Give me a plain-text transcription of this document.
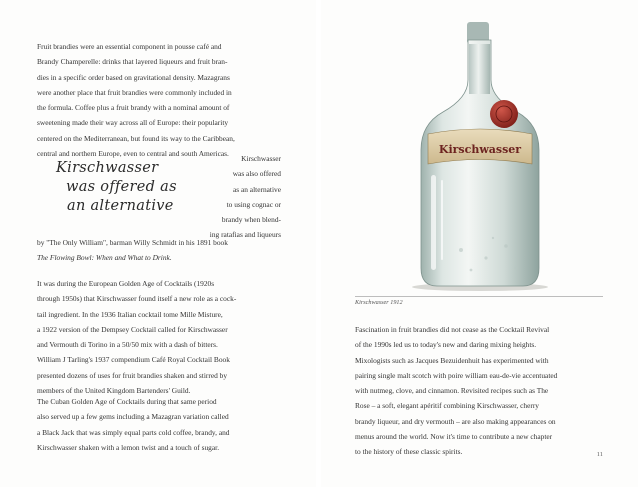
Fruit brandies were an essential component in pousse café and
Brandy Champerelle: drinks that layered liqueurs and fruit bran-
dies in a specific order based on gravitational density. Mazagrans
were another place that fruit brandies were commonly included in
the formula. Coffee plus a fruit brandy with a nominal amount of
sweetening made their way across all of Europe: their popularity
centered on the Mediterranean, but found its way to the Caribbean,
central and northern Europe, even to central and south Americas.

Kirschwasser
was offered as
an alternative
Kirschwasser
was also offered
as an alternative
to using cognac or
brandy when blend-
ing ratafias and liqueurs

by "The Only William", barman Willy Schmidt in his 1891 book
The Flowing Bowl: When and What to Drink.

It was during the European Golden Age of Cocktails (1920s
through 1950s) that Kirschwasser found itself a new role as a cock-
tail ingredient. In the 1936 Italian cocktail tome Mille Misture,
a 1922 version of the Dempsey Cocktail called for Kirschwasser
and Vermouth di Torino in a 50/50 mix with a dash of bitters.
William J Tarling's 1937 compendium Café Royal Cocktail Book
presented dozens of uses for fruit brandies shaken and stirred by
members of the United Kingdom Bartenders' Guild.

The Cuban Golden Age of Cocktails during that same period
also served up a few gems including a Mazagran variation called
a Black Jack that was simply equal parts cold coffee, brandy, and
Kirschwasser shaken with a lemon twist and a touch of sugar.

Kirschwasser
Kirschwasser 1912

Fascination in fruit brandies did not cease as the Cocktail Revival
of the 1990s led us to today's new and daring mixing heights.
Mixologists such as Jacques Bezuidenhuit has experimented with
pairing single malt scotch with poire william eau-de-vie accentuated
with nutmeg, clove, and cinnamon. Revisited recipes such as The
Rose – a soft, elegant apéritif combining Kirschwasser, cherry
brandy liqueur, and dry vermouth – are also making appearances on
menus around the world. Now it's time to contribute a new chapter
to the history of these classic spirits.	11
